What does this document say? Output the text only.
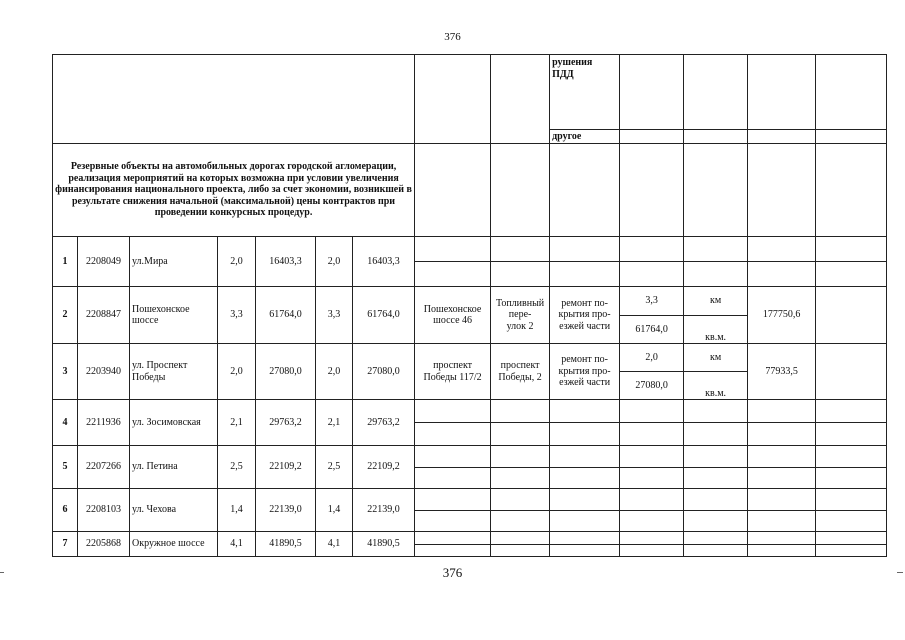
376
									рушения
ПДД				
									другое				
Резервные объекты на автомобильных дорогах городской агломерации, реализация мероприятий на которых возможна при условии увеличения финансирования национального проекта, либо за счет экономии, возникшей в результате снижения начальной (максимальной) цены контрактов при проведении конкурсных процедур.													
1	2208049	ул.Мира	2,0	16403,3	2,0	16403,3							

2	2208847	Пошехонское шоссе	3,3	61764,0	3,3	61764,0	Пошехонское шоссе 46	Топливный пере-
улок 2	ремонт по-
крытия про-
езжей части	3,3	км	177750,6	
										61764,0	кв.м.		
3	2203940	ул. Проспект Победы	2,0	27080,0	2,0	27080,0	проспект Победы 117/2	проспект Победы, 2	ремонт по-
крытия про-
езжей части	2,0	км	77933,5	
										27080,0	кв.м.		
4	2211936	ул. Зосимовская	2,1	29763,2	2,1	29763,2							

5	2207266	ул. Петина	2,5	22109,2	2,5	22109,2							

6	2208103	ул. Чехова	1,4	22139,0	1,4	22139,0							

7	2205868	Окружное шоссе	4,1	41890,5	4,1	41890,5							

376
